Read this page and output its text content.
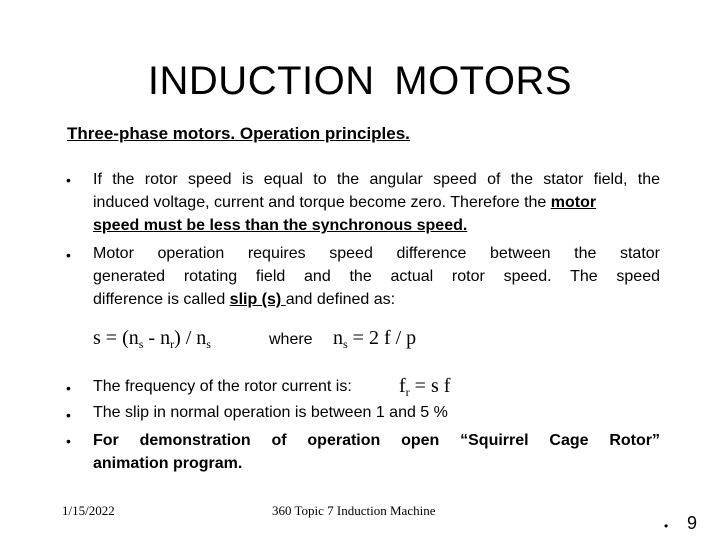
INDUCTION MOTORS
Three-phase motors. Operation principles.
• If the rotor speed is equal to the angular speed of the stator field, the
induced voltage, current and torque become zero. Therefore the motor
speed must be less than the synchronous speed.
• Motor operation requires speed difference between the stator
generated rotating field and the actual rotor speed. The speed
difference is called slip (s) and defined as:
$s = (n_s - n_r) / n_s$	where $n_s = 2$ f / p
• The frequency of the rotor current is: $f_r = s$ f
• The slip in normal operation is between 1 and 5 %
• For demonstration of operation open “Squirrel Cage Rotor”
animation program.
1/15/2022	360 Topic 7 Induction Machine
• 9
